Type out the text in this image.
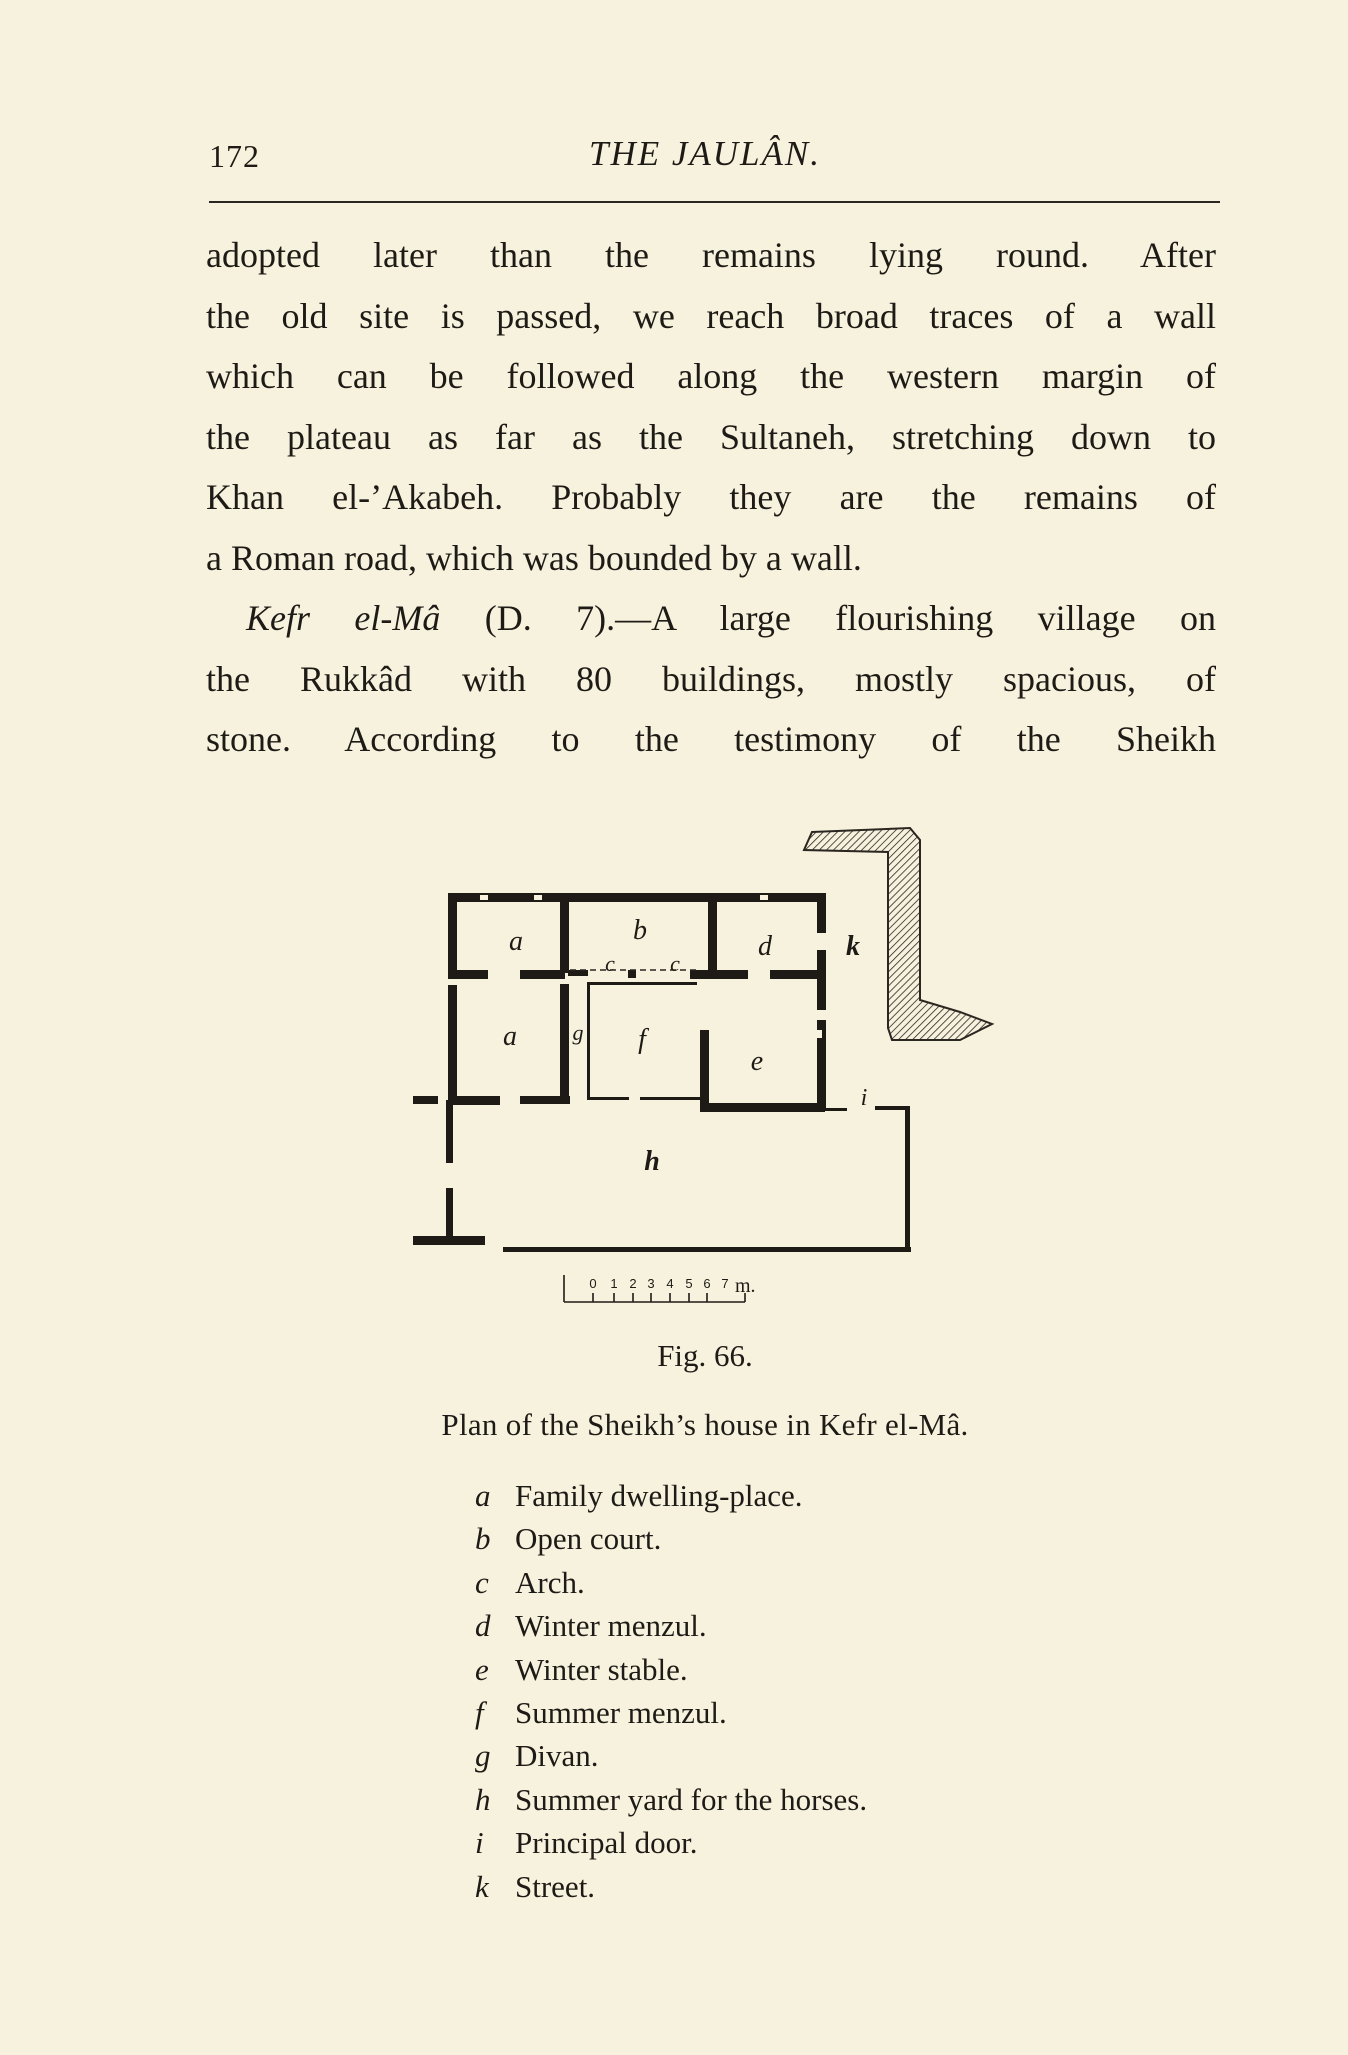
172	THE JAULÂN.
adopted later than the remains lying round. After
the old site is passed, we reach broad traces of a wall
which can be followed along the western margin of
the plateau as far as the Sultaneh, stretching down to
Khan el-’Akabeh. Probably they are the remains of
a Roman road, which was bounded by a wall.
Kefr el-Mâ (D. 7).—A large flourishing village on
the Rukkâd with 80 buildings, mostly spacious, of
stone. According to the testimony of the Sheikh
a	b
c	c
d	k
a	g f
e
i
h
0 1 2 3 4 5 6 7 m.
Fig. 66.
Plan of the Sheikh’s house in Kefr el-Mâ.
a Family dwelling-place.
b Open court.
c Arch.
d Winter menzul.
e Winter stable.
f Summer menzul.
g Divan.
h Summer yard for the horses.
i Principal door.
k Street.
